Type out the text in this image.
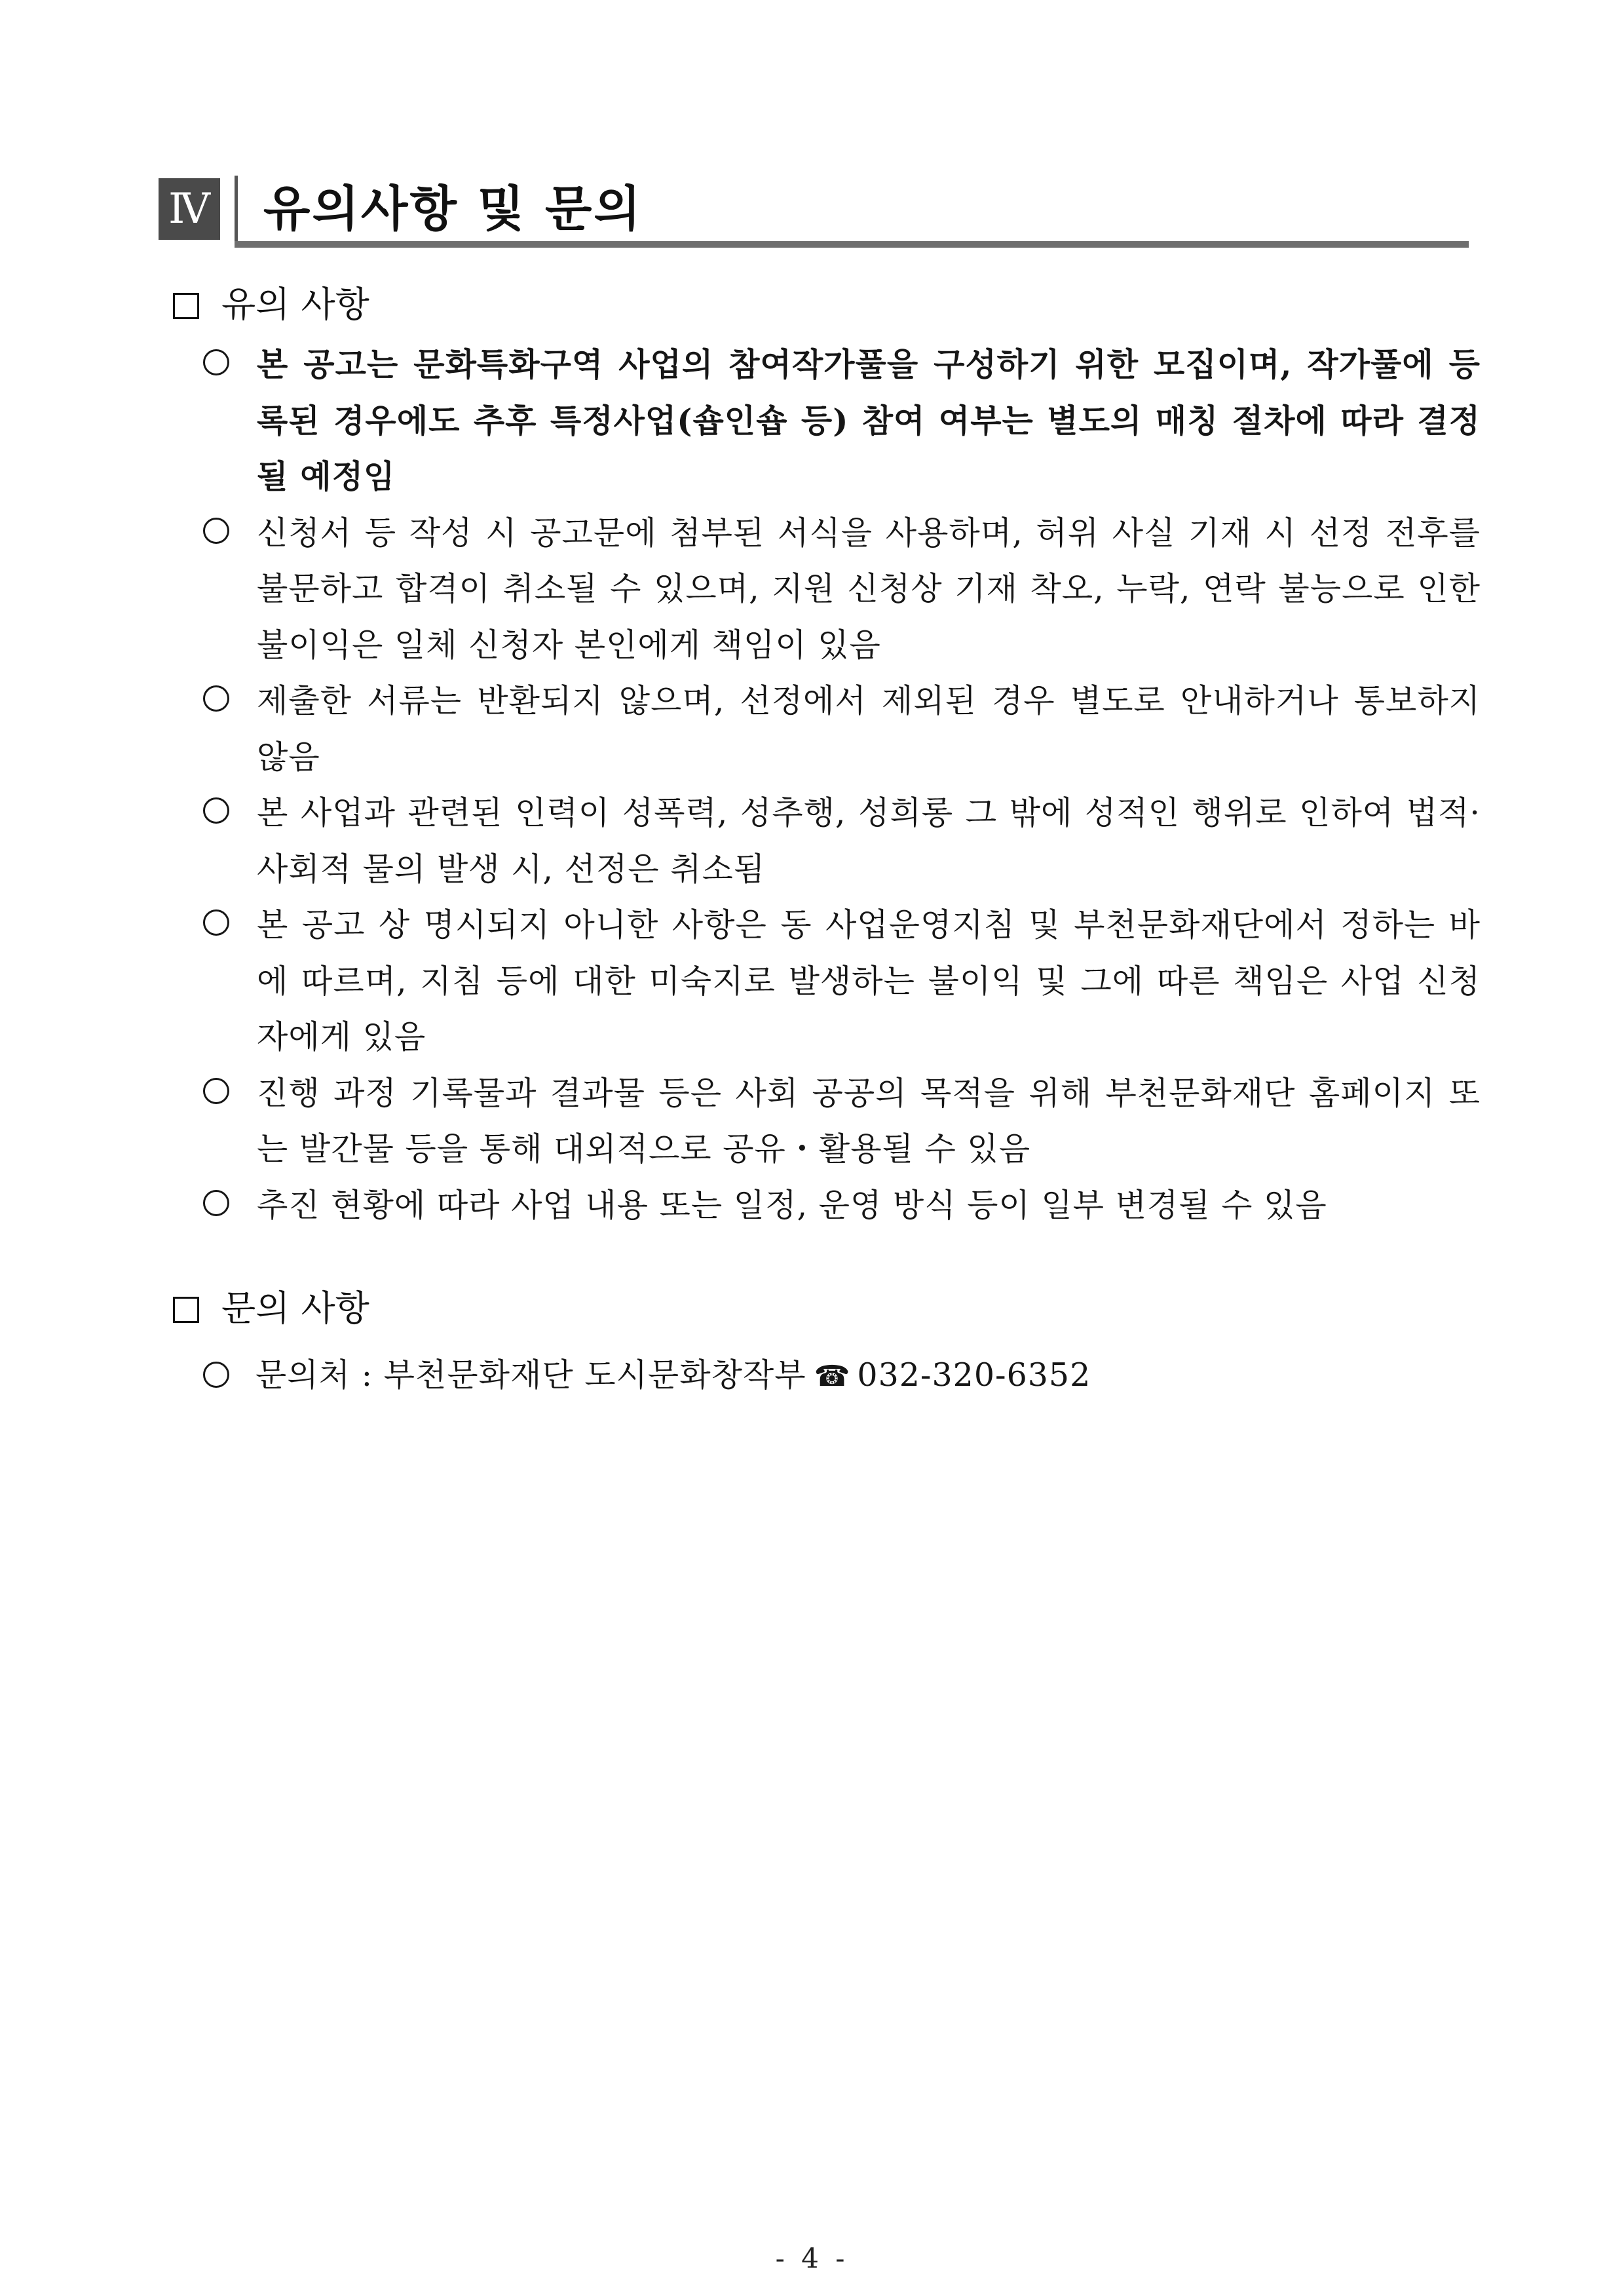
Ⅳ 유의사항 및 문의
유의 사항
본 공고는 문화특화구역 사업의 참여작가풀을 구성하기 위한 모집이며, 작가풀에 등록된 경우에도 추후 특정사업(숍인숍 등) 참여 여부는 별도의 매칭 절차에 따라 결정될 예정임
신청서 등 작성 시 공고문에 첨부된 서식을 사용하며, 허위 사실 기재 시 선정 전후를 불문하고 합격이 취소될 수 있으며, 지원 신청상 기재 착오, 누락, 연락 불능으로 인한 불이익은 일체 신청자 본인에게 책임이 있음
제출한 서류는 반환되지 않으며, 선정에서 제외된 경우 별도로 안내하거나 통보하지 않음
본 사업과 관련된 인력이 성폭력, 성추행, 성희롱 그 밖에 성적인 행위로 인하여 법적·사회적 물의 발생 시, 선정은 취소됨
본 공고 상 명시되지 아니한 사항은 동 사업운영지침 및 부천문화재단에서 정하는 바에 따르며, 지침 등에 대한 미숙지로 발생하는 불이익 및 그에 따른 책임은 사업 신청자에게 있음
진행 과정 기록물과 결과물 등은 사회 공공의 목적을 위해 부천문화재단 홈페이지 또는 발간물 등을 통해 대외적으로 공유・활용될 수 있음
추진 현황에 따라 사업 내용 또는 일정, 운영 방식 등이 일부 변경될 수 있음
문의 사항
문의처 : 부천문화재단 도시문화창작부 ☎ 032-320-6352
- 4 -
